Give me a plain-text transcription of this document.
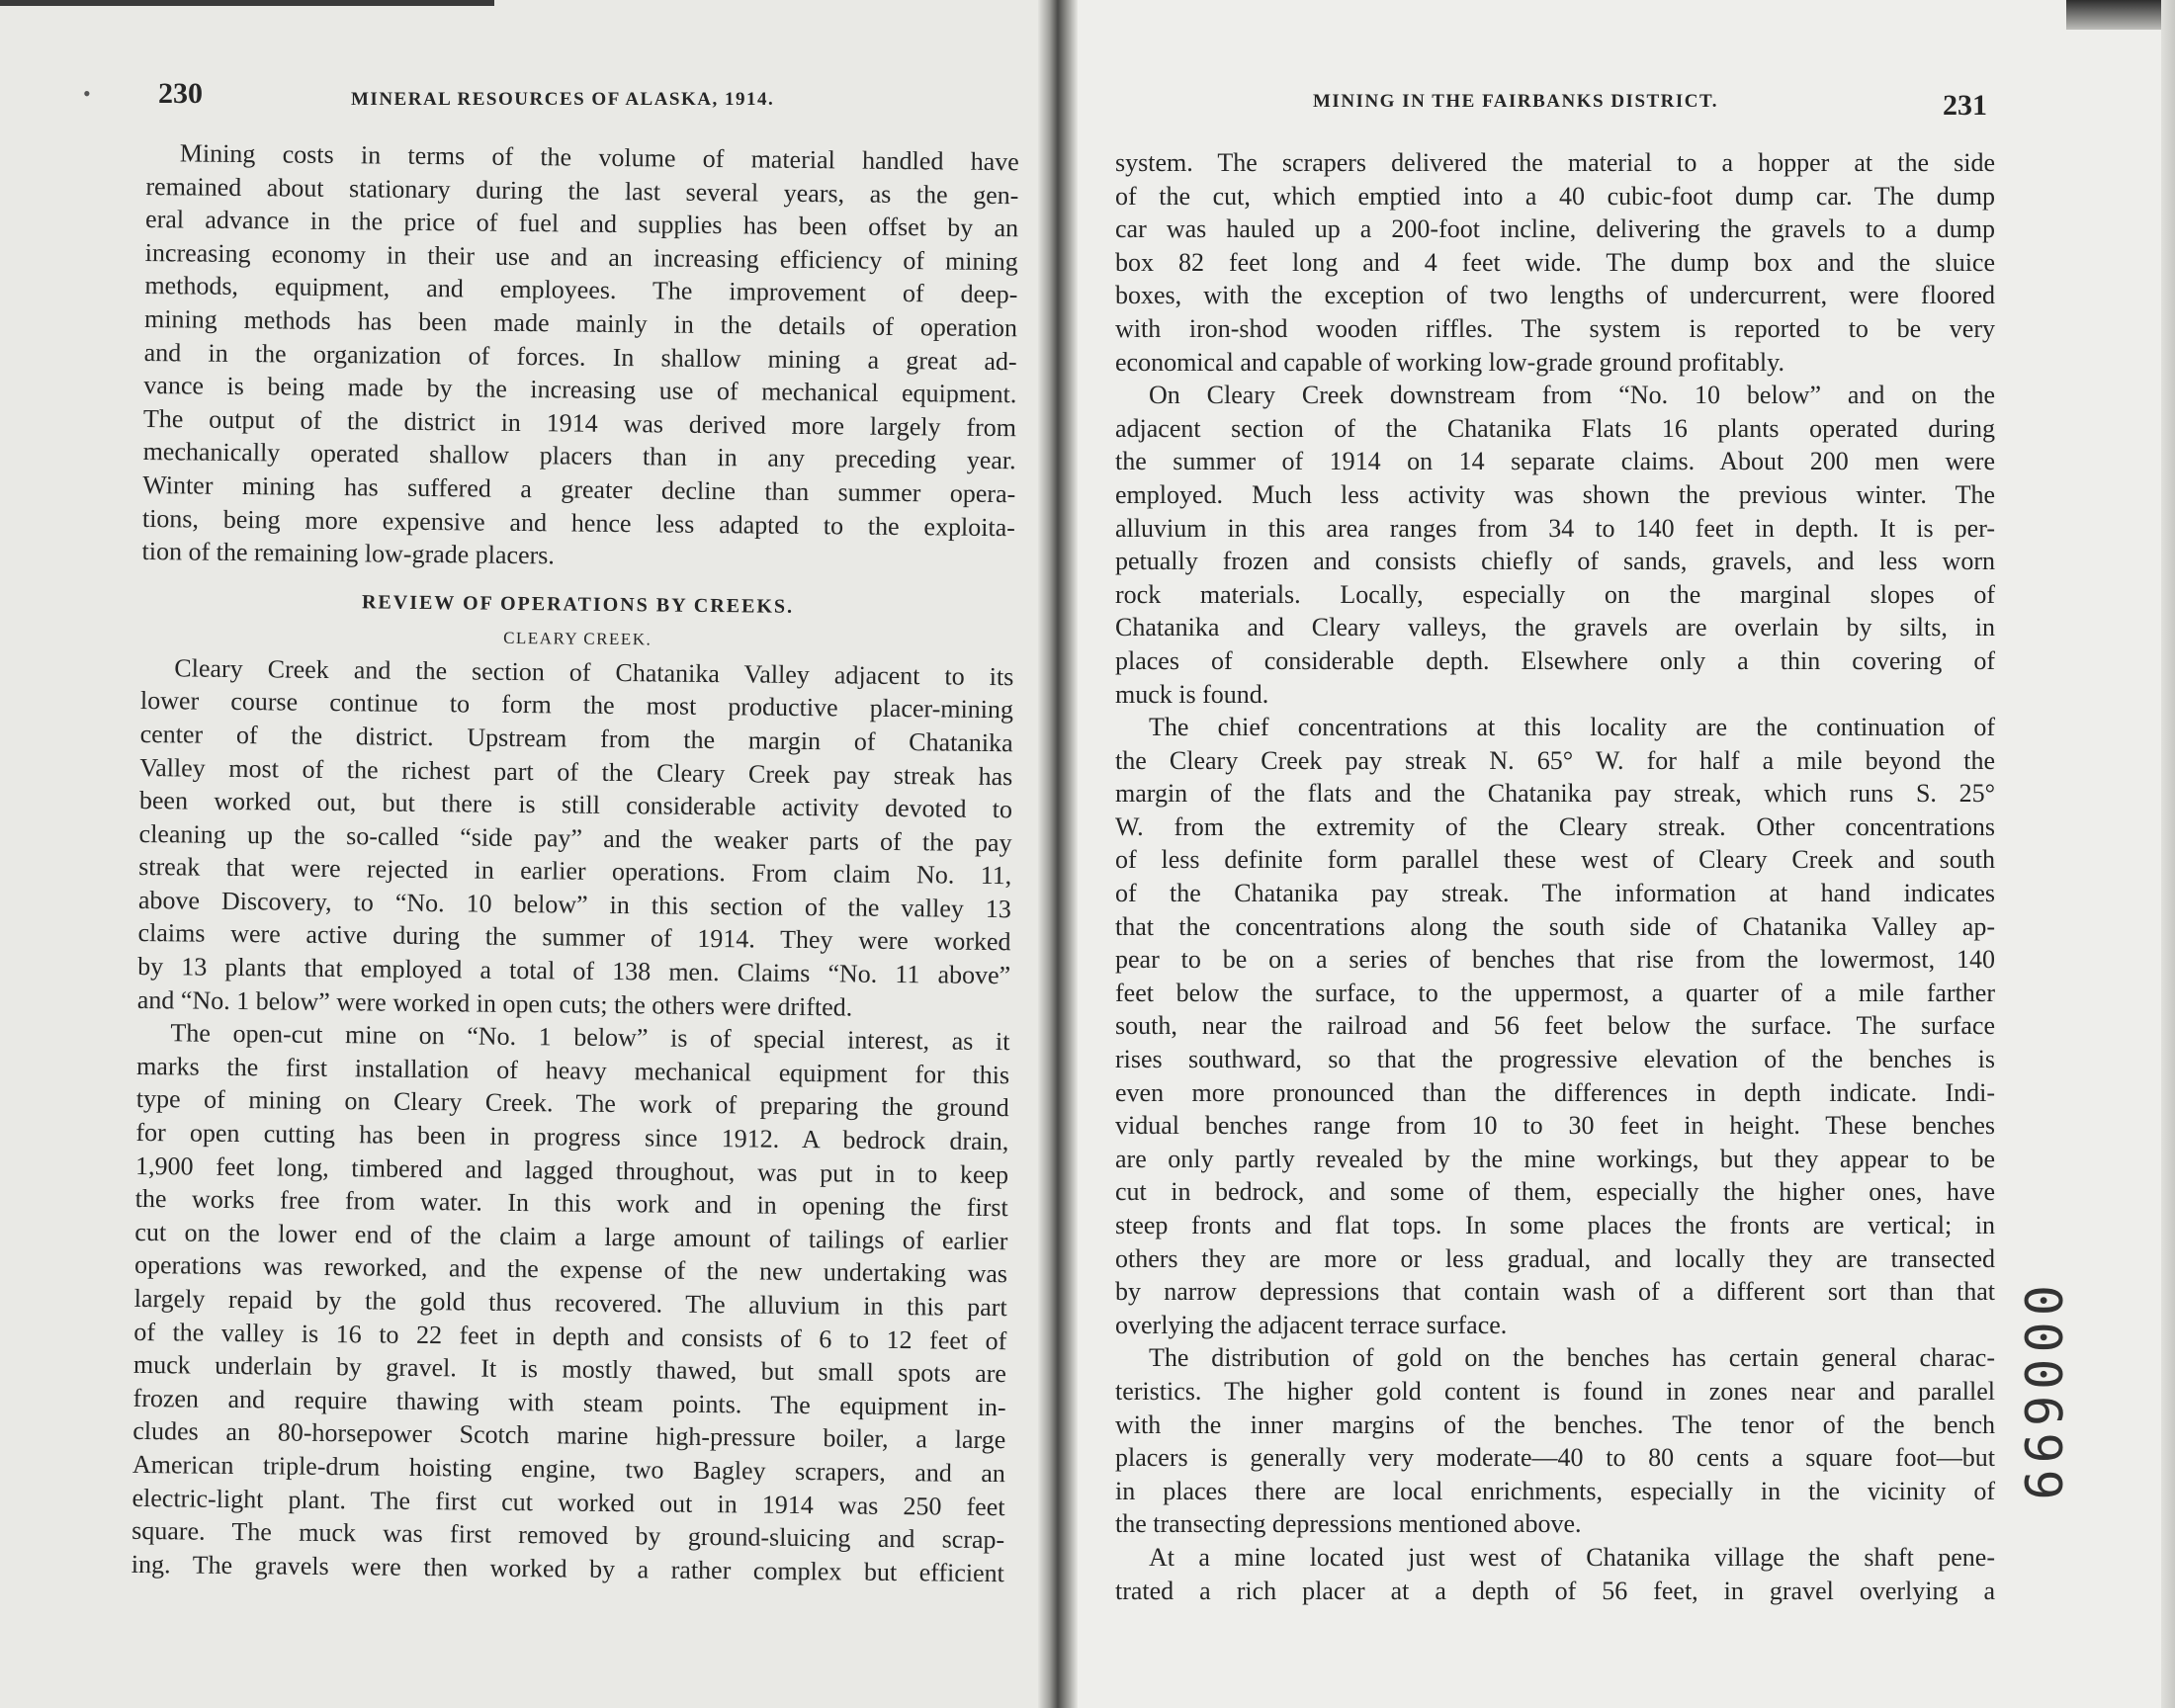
• 230	MINERAL RESOURCES OF ALASKA, 1914.	MINING IN THE FAIRBANKS DISTRICT.	231
Mining costs in terms of the volume of material handled have
remained about stationary during the last several years, as the gen-
eral advance in the price of fuel and supplies has been offset by an
increasing economy in their use and an increasing efficiency of mining
methods, equipment, and employees. The improvement of deep-
mining methods has been made mainly in the details of operation
and in the organization of forces. In shallow mining a great ad-
vance is being made by the increasing use of mechanical equipment.
The output of the district in 1914 was derived more largely from
mechanically operated shallow placers than in any preceding year.
Winter mining has suffered a greater decline than summer opera-
tions, being more expensive and hence less adapted to the exploita-
tion of the remaining low-grade placers.
REVIEW OF OPERATIONS BY CREEKS.
CLEARY CREEK.
Cleary Creek and the section of Chatanika Valley adjacent to its
lower course continue to form the most productive placer-mining
center of the district. Upstream from the margin of Chatanika
Valley most of the richest part of the Cleary Creek pay streak has
been worked out, but there is still considerable activity devoted to
cleaning up the so-called “side pay” and the weaker parts of the pay
streak that were rejected in earlier operations. From claim No. 11,
above Discovery, to “No. 10 below” in this section of the valley 13
claims were active during the summer of 1914. They were worked
by 13 plants that employed a total of 138 men. Claims “No. 11 above”
and “No. 1 below” were worked in open cuts; the others were drifted.
The open-cut mine on “No. 1 below” is of special interest, as it
marks the first installation of heavy mechanical equipment for this
type of mining on Cleary Creek. The work of preparing the ground
for open cutting has been in progress since 1912. A bedrock drain,
1,900 feet long, timbered and lagged throughout, was put in to keep
the works free from water. In this work and in opening the first
cut on the lower end of the claim a large amount of tailings of earlier
operations was reworked, and the expense of the new undertaking was
largely repaid by the gold thus recovered. The alluvium in this part
of the valley is 16 to 22 feet in depth and consists of 6 to 12 feet of
muck underlain by gravel. It is mostly thawed, but small spots are
frozen and require thawing with steam points. The equipment in-
cludes an 80-horsepower Scotch marine high-pressure boiler, a large
American triple-drum hoisting engine, two Bagley scrapers, and an
electric-light plant. The first cut worked out in 1914 was 250 feet
square. The muck was first removed by ground-sluicing and scrap-
ing. The gravels were then worked by a rather complex but efficient
system. The scrapers delivered the material to a hopper at the side
of the cut, which emptied into a 40 cubic-foot dump car. The dump
car was hauled up a 200-foot incline, delivering the gravels to a dump
box 82 feet long and 4 feet wide. The dump box and the sluice
boxes, with the exception of two lengths of undercurrent, were floored
with iron-shod wooden riffles. The system is reported to be very
economical and capable of working low-grade ground profitably.
On Cleary Creek downstream from “No. 10 below” and on the
adjacent section of the Chatanika Flats 16 plants operated during
the summer of 1914 on 14 separate claims. About 200 men were
employed. Much less activity was shown the previous winter. The
alluvium in this area ranges from 34 to 140 feet in depth. It is per-
petually frozen and consists chiefly of sands, gravels, and less worn
rock materials. Locally, especially on the marginal slopes of
Chatanika and Cleary valleys, the gravels are overlain by silts, in
places of considerable depth. Elsewhere only a thin covering of
muck is found.
The chief concentrations at this locality are the continuation of
the Cleary Creek pay streak N. 65° W. for half a mile beyond the
margin of the flats and the Chatanika pay streak, which runs S. 25°
W. from the extremity of the Cleary streak. Other concentrations
of less definite form parallel these west of Cleary Creek and south
of the Chatanika pay streak. The information at hand indicates
that the concentrations along the south side of Chatanika Valley ap-
pear to be on a series of benches that rise from the lowermost, 140
feet below the surface, to the uppermost, a quarter of a mile farther
south, near the railroad and 56 feet below the surface. The surface
rises southward, so that the progressive elevation of the benches is
even more pronounced than the differences in depth indicate. Indi-
vidual benches range from 10 to 30 feet in height. These benches
are only partly revealed by the mine workings, but they appear to be
cut in bedrock, and some of them, especially the higher ones, have
steep fronts and flat tops. In some places the fronts are vertical; in
others they are more or less gradual, and locally they are transected
by narrow depressions that contain wash of a different sort than that
overlying the adjacent terrace surface.
The distribution of gold on the benches has certain general charac-
teristics. The higher gold content is found in zones near and parallel
with the inner margins of the benches. The tenor of the bench
placers is generally very moderate—40 to 80 cents a square foot—but
in places there are local enrichments, especially in the vicinity of
the transecting depressions mentioned above.
At a mine located just west of Chatanika village the shaft pene-
trated a rich placer at a depth of 56 feet, in gravel overlying a
000699
